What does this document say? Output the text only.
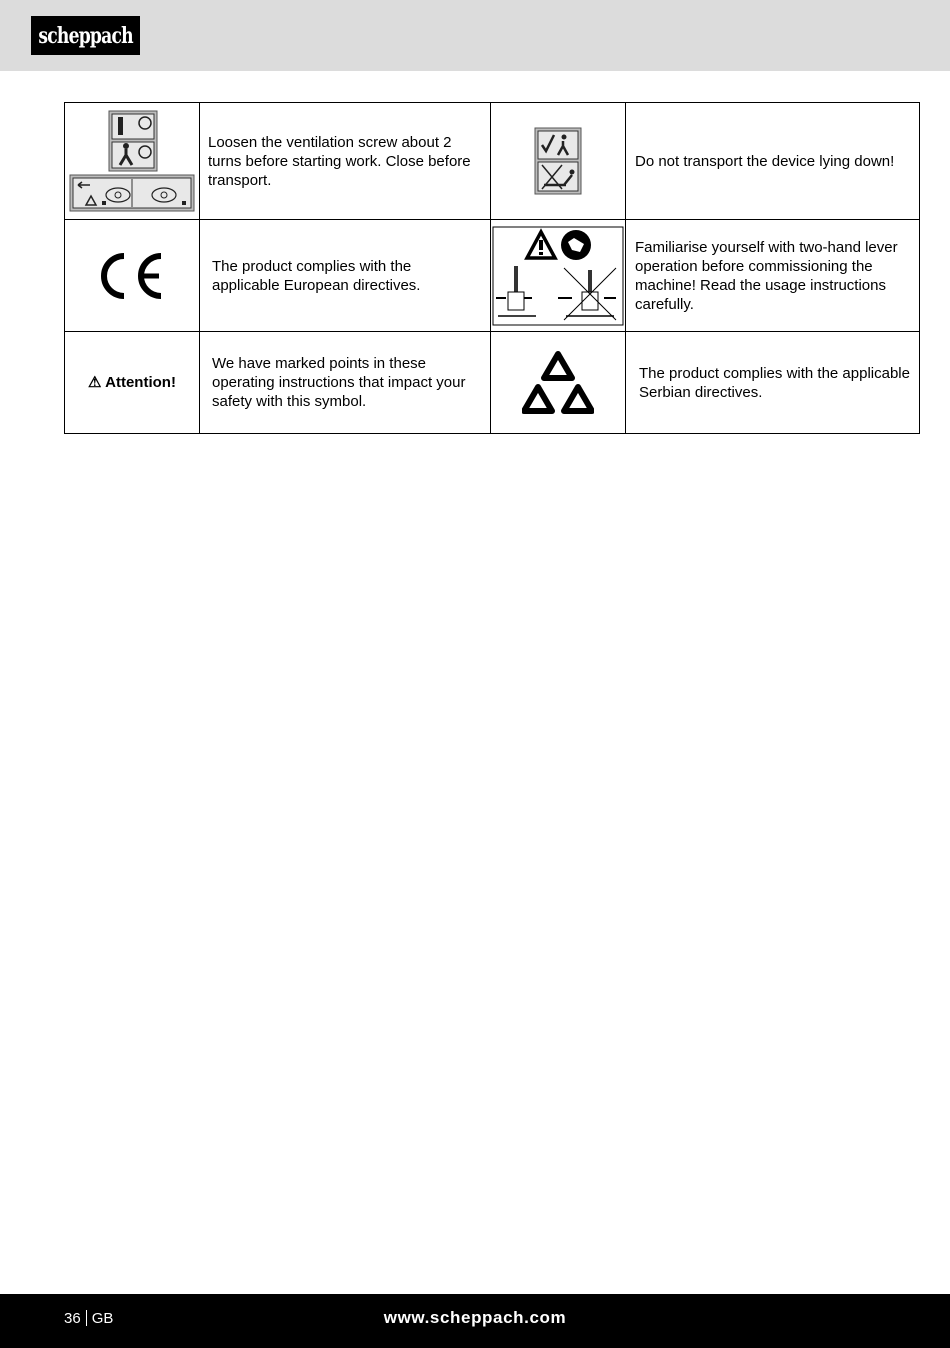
scheppach
	Loosen the ventilation screw about 2 turns before starting work. Close before transport.		Do not transport the device lying down!

	The product complies with the applicable European directives.		Familiarise yourself with two-hand lever operation before commissioning the machine! Read the usage instructions carefully.
⚠ Attention!	We have marked points in these operating instructions that impact your safety with this symbol.		The product complies with the applicable Serbian directives.
36 GB	www.scheppach.com
